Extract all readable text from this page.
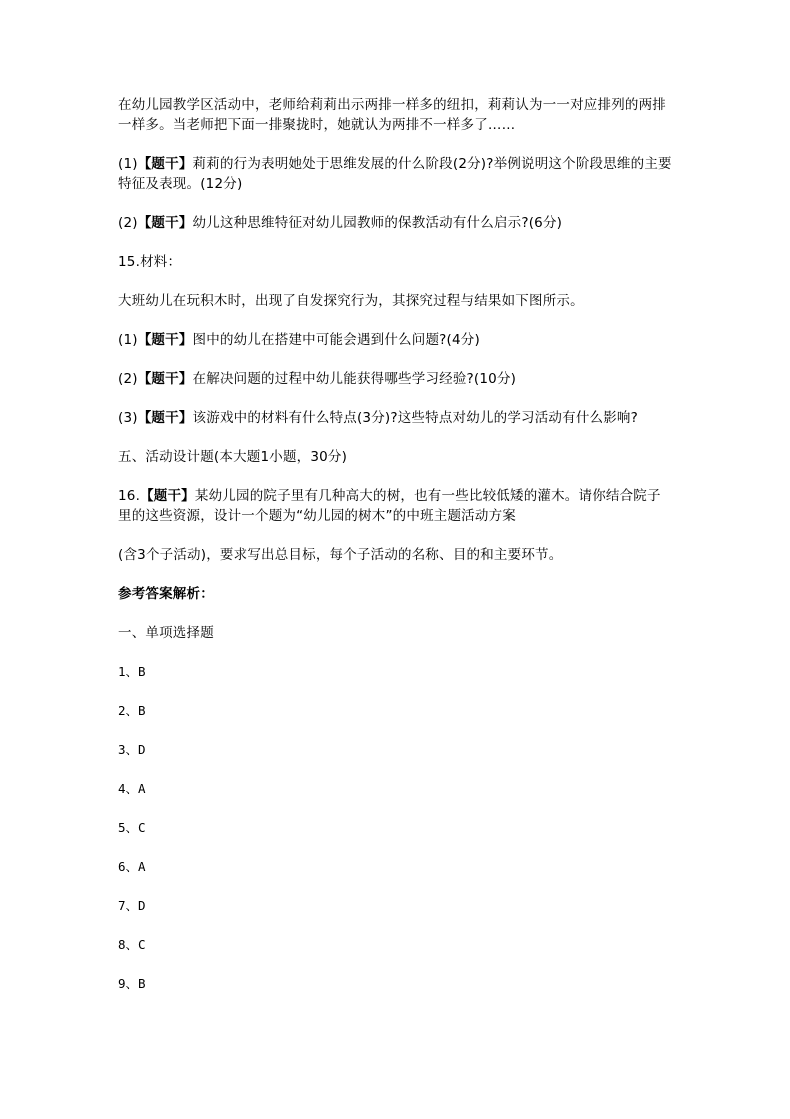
在幼儿园教学区活动中，老师给莉莉出示两排一样多的纽扣，莉莉认为一一对应排列的两排一样多。当老师把下面一排聚拢时，她就认为两排不一样多了……

(1)【题干】莉莉的行为表明她处于思维发展的什么阶段(2分)?举例说明这个阶段思维的主要特征及表现。(12分)

(2)【题干】幼儿这种思维特征对幼儿园教师的保教活动有什么启示?(6分)

15.材料：

大班幼儿在玩积木时，出现了自发探究行为，其探究过程与结果如下图所示。

(1)【题干】图中的幼儿在搭建中可能会遇到什么问题?(4分)

(2)【题干】在解决问题的过程中幼儿能获得哪些学习经验?(10分)

(3)【题干】该游戏中的材料有什么特点(3分)?这些特点对幼儿的学习活动有什么影响?

五、活动设计题(本大题1小题，30分)

16.【题干】某幼儿园的院子里有几种高大的树，也有一些比较低矮的灌木。请你结合院子里的这些资源，设计一个题为“幼儿园的树木”的中班主题活动方案

(含3个子活动)，要求写出总目标，每个子活动的名称、目的和主要环节。

参考答案解析：

一、单项选择题

1、B

2、B

3、D

4、A

5、C

6、A

7、D

8、C

9、B
